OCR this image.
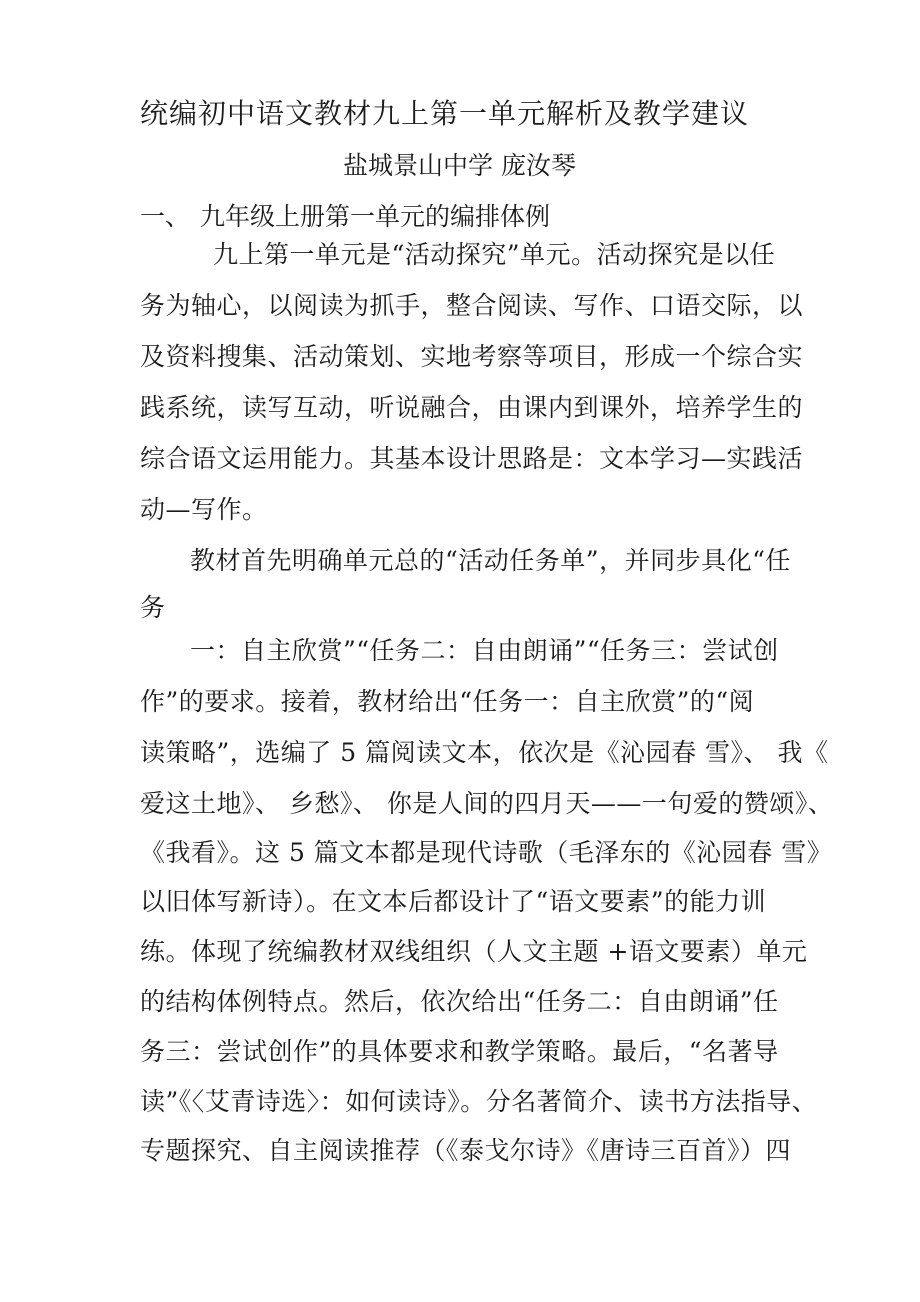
统编初中语文教材九上第一单元解析及教学建议
盐城景山中学 庞汝琴
一、 九年级上册第一单元的编排体例
九上第一单元是“活动探究”单元。活动探究是以任
务为轴心，以阅读为抓手，整合阅读、写作、口语交际，以
及资料搜集、活动策划、实地考察等项目，形成一个综合实
践系统，读写互动，听说融合，由课内到课外，培养学生的
综合语文运用能力。其基本设计思路是：文本学习—实践活
动—写作。
教材首先明确单元总的“活动任务单”，并同步具化“任
务
一：自主欣赏”“任务二：自由朗诵”“任务三：尝试创
作”的要求。接着，教材给出“任务一：自主欣赏”的“阅
读策略”，选编了 5 篇阅读文本，依次是《沁园春 雪》、 我《
爱这土地》、 乡愁》、 你是人间的四月天——一句爱的赞颂》、
《我看》。这 5 篇文本都是现代诗歌（毛泽东的《沁园春 雪》
以旧体写新诗）。在文本后都设计了“语文要素”的能力训
练。体现了统编教材双线组织（人文主题 +语文要素）单元
的结构体例特点。然后，依次给出“任务二：自由朗诵”任
务三：尝试创作”的具体要求和教学策略。最后，“名著导
读”《〈艾青诗选〉：如何读诗》。分名著简介、读书方法指导、
专题探究、自主阅读推荐（《泰戈尔诗》《唐诗三百首》）四
